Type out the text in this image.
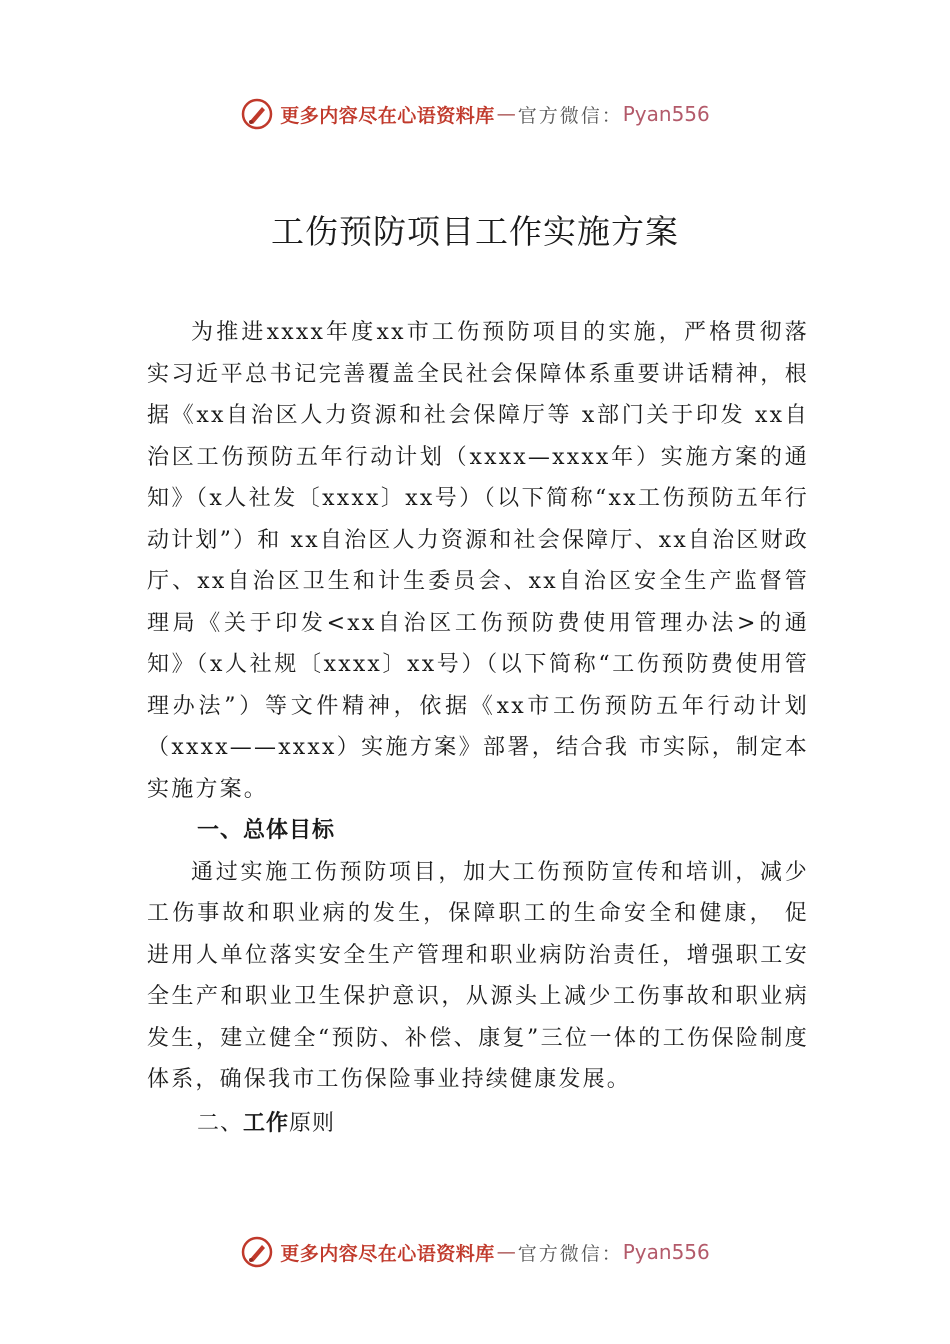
更多内容尽在心语资料库 — 官方微信： Pyan556
工伤预防项目工作实施方案

为推进xxxx年度xx市工伤预防项目的实施，严格贯彻落实习近平总书记完善覆盖全民社会保障体系重要讲话精神，根据《xx自治区人力资源和社会保障厅等 x部门关于印发 xx自治区工伤预防五年行动计划（xxxx—xxxx年）实施方案的通知》（x人社发〔xxxx〕xx号）（以下简称“xx工伤预防五年行动计划”）和 xx自治区人力资源和社会保障厅、xx自治区财政厅、xx自治区卫生和计生委员会、xx自治区安全生产监督管理局《关于印发<xx自治区工伤预防费使用管理办法>的通知》（x人社规〔xxxx〕xx号）（以下简称“工伤预防费使用管理办法”）等文件精神，依据《xx市工伤预防五年行动计划（xxxx——xxxx）实施方案》部署，结合我 市实际，制定本实施方案。

一、总体目标

通过实施工伤预防项目，加大工伤预防宣传和培训，减少工伤事故和职业病的发生，保障职工的生命安全和健康， 促进用人单位落实安全生产管理和职业病防治责任，增强职工安全生产和职业卫生保护意识，从源头上减少工伤事故和职业病发生，建立健全“预防、补偿、康复”三位一体的工伤保险制度体系，确保我市工伤保险事业持续健康发展。

二、工作原则

更多内容尽在心语资料库 — 官方微信： Pyan556
